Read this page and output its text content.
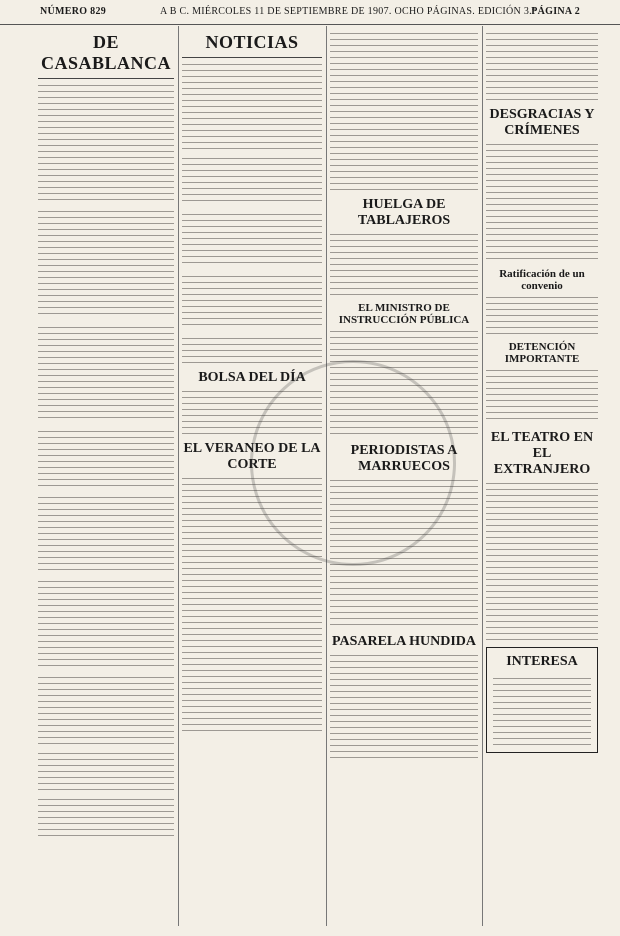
NÚMERO 829	A B C. MIÉRCOLES 11 DE SEPTIEMBRE DE 1907. OCHO PÁGINAS. EDICIÓN 3.ª
PÁGINA 2
DE CASABLANCA
NOTICIAS
BOLSA DEL DÍA
EL VERANEO DE LA CORTE
HUELGA DE TABLAJEROS
EL MINISTRO DE INSTRUCCIÓN PÚBLICA
PERIODISTAS A MARRUECOS
PASARELA HUNDIDA
DESGRACIAS Y CRÍMENES
Ratificación de un convenio
DETENCIÓN IMPORTANTE
EL TEATRO EN EL EXTRANJERO
INTERESA
